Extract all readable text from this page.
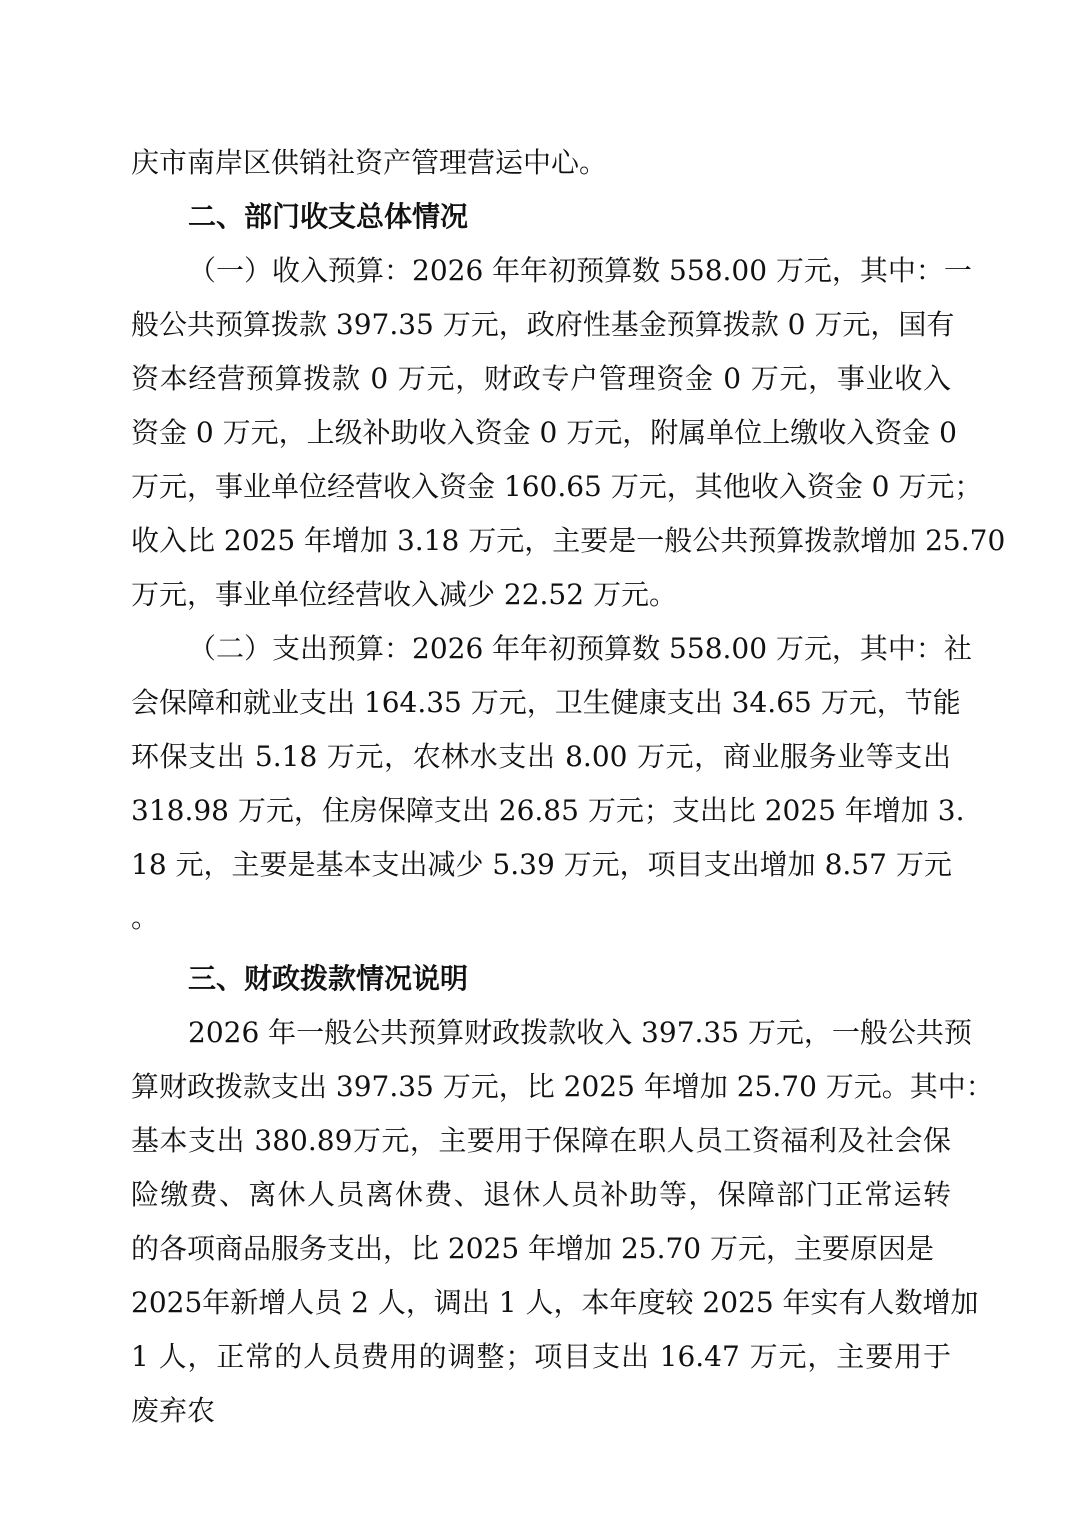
庆市南岸区供销社资产管理营运中心。
二、部门收支总体情况
（一）收入预算：2026 年年初预算数 558.00 万元，其中：一
般公共预算拨款 397.35 万元，政府性基金预算拨款 0 万元，国有
资本经营预算拨款 0 万元，财政专户管理资金 0 万元，事业收入
资金 0 万元，上级补助收入资金 0 万元，附属单位上缴收入资金 0
万元，事业单位经营收入资金 160.65 万元，其他收入资金 0 万元；
收入比 2025 年增加 3.18 万元，主要是一般公共预算拨款增加 25.70
万元，事业单位经营收入减少 22.52 万元。
（二）支出预算：2026 年年初预算数 558.00 万元，其中：社
会保障和就业支出 164.35 万元，卫生健康支出 34.65 万元，节能
环保支出 5.18 万元，农林水支出 8.00 万元，商业服务业等支出
318.98 万元，住房保障支出 26.85 万元；支出比 2025 年增加 3.
18 元，主要是基本支出减少 5.39 万元，项目支出增加 8.57 万元
。
三、财政拨款情况说明
2026 年一般公共预算财政拨款收入 397.35 万元，一般公共预
算财政拨款支出 397.35 万元，比 2025 年增加 25.70 万元。其中：
基本支出 380.89万元，主要用于保障在职人员工资福利及社会保
险缴费、离休人员离休费、退休人员补助等，保障部门正常运转
的各项商品服务支出，比 2025 年增加 25.70 万元，主要原因是
2025年新增人员 2 人，调出 1 人，本年度较 2025 年实有人数增加
1 人，正常的人员费用的调整；项目支出 16.47 万元，主要用于
废弃农
